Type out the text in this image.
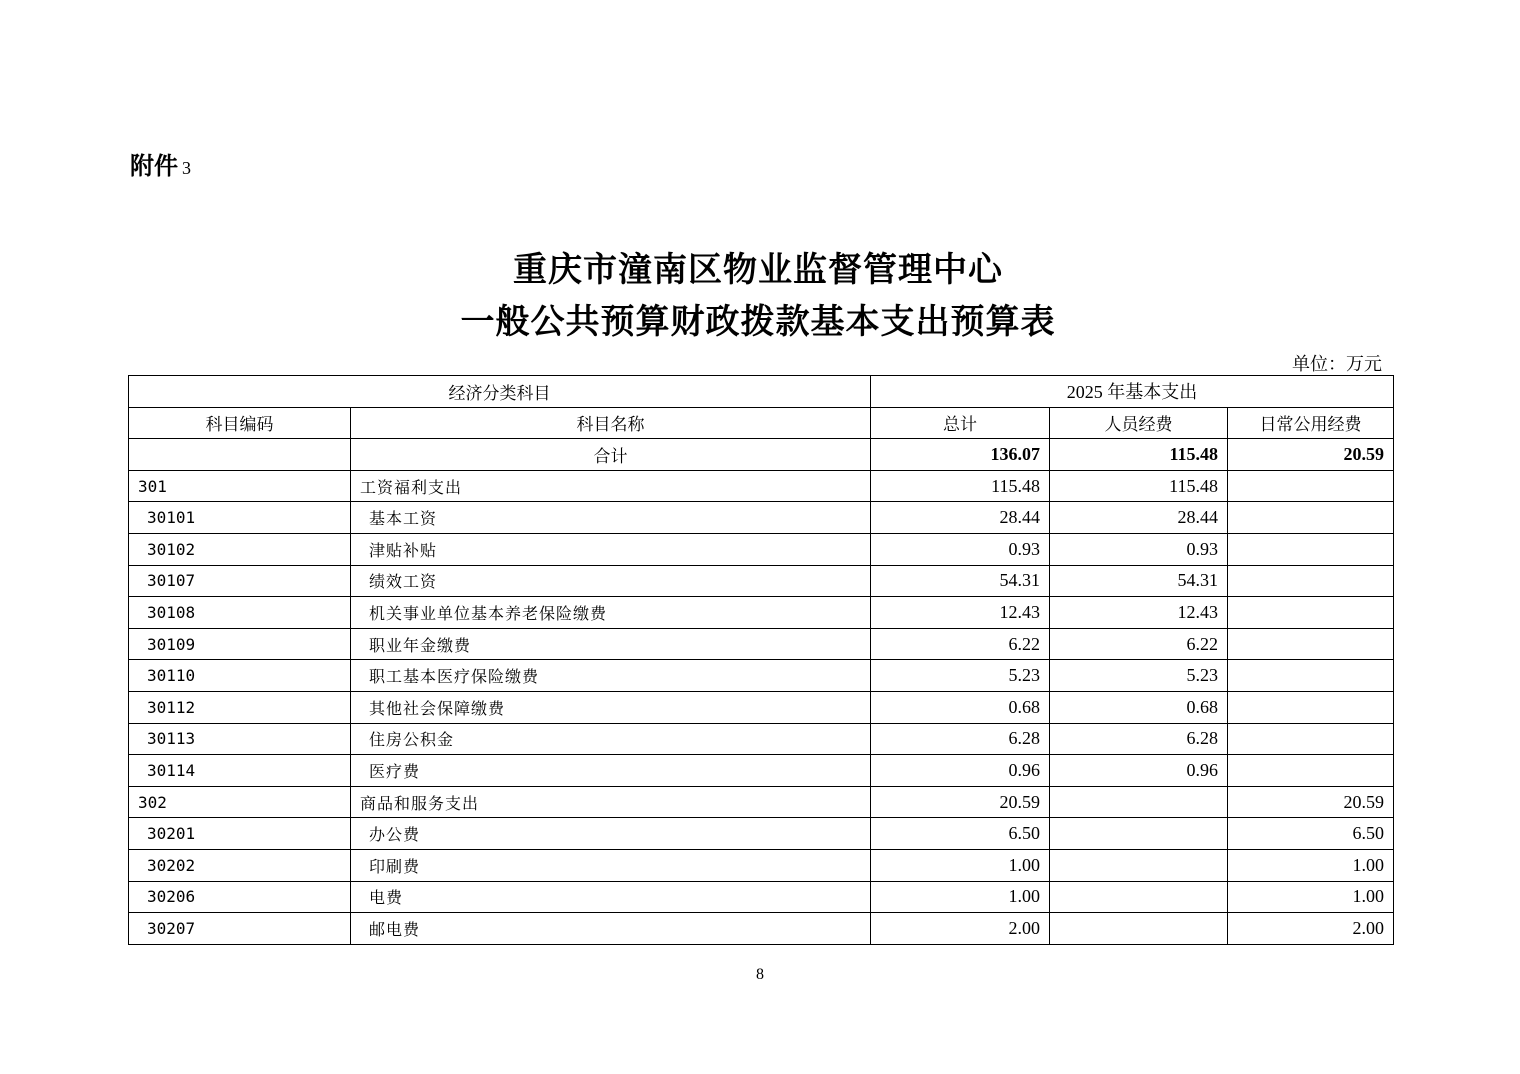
附件 3
重庆市潼南区物业监督管理中心
一般公共预算财政拨款基本支出预算表
单位：万元
经济分类科目		2025 年基本支出		
科目编码	科目名称	总计	人员经费	日常公用经费
	合计	136.07	115.48	20.59
301	工资福利支出	115.48	115.48	
30101	基本工资	28.44	28.44	
30102	津贴补贴	0.93	0.93	
30107	绩效工资	54.31	54.31	
30108	机关事业单位基本养老保险缴费	12.43	12.43	
30109	职业年金缴费	6.22	6.22	
30110	职工基本医疗保险缴费	5.23	5.23	
30112	其他社会保障缴费	0.68	0.68	
30113	住房公积金	6.28	6.28	
30114	医疗费	0.96	0.96	
302	商品和服务支出	20.59		20.59
30201	办公费	6.50		6.50
30202	印刷费	1.00		1.00
30206	电费	1.00		1.00
30207	邮电费	2.00		2.00
8
